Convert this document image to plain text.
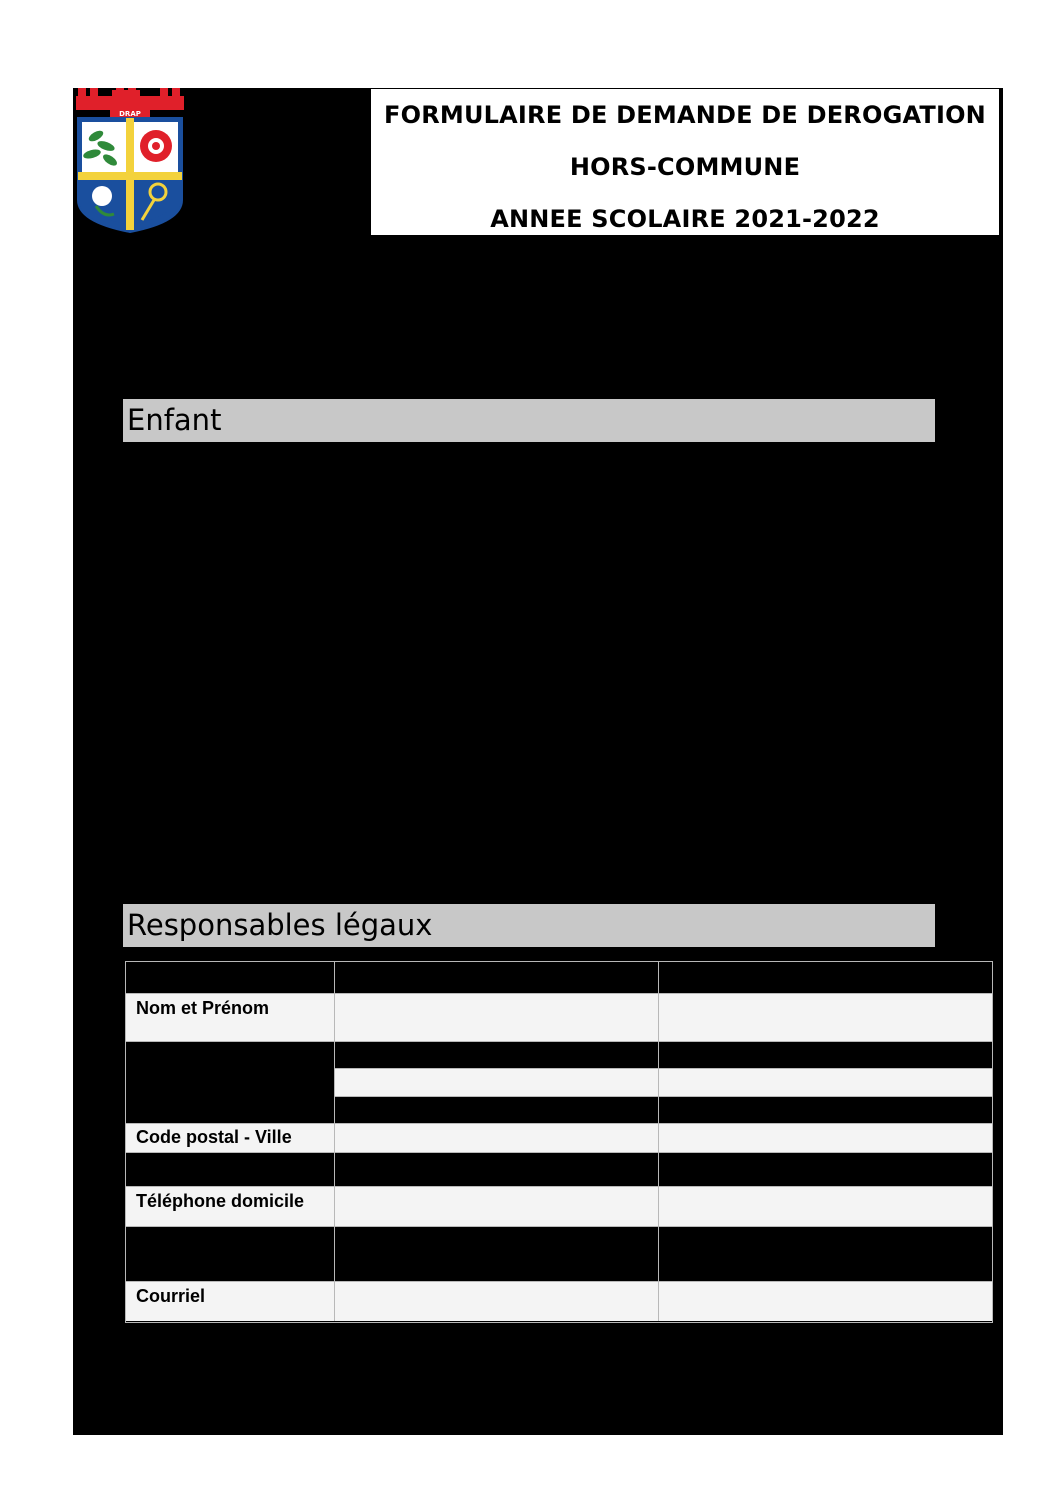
DRAP	FORMULAIRE DE DEMANDE DE DEROGATION
HORS-COMMUNE
ANNEE SCOLAIRE 2021-2022
Enfant
Responsables légaux
Nom et Prénom
Code postal - Ville
Téléphone domicile
Courriel
